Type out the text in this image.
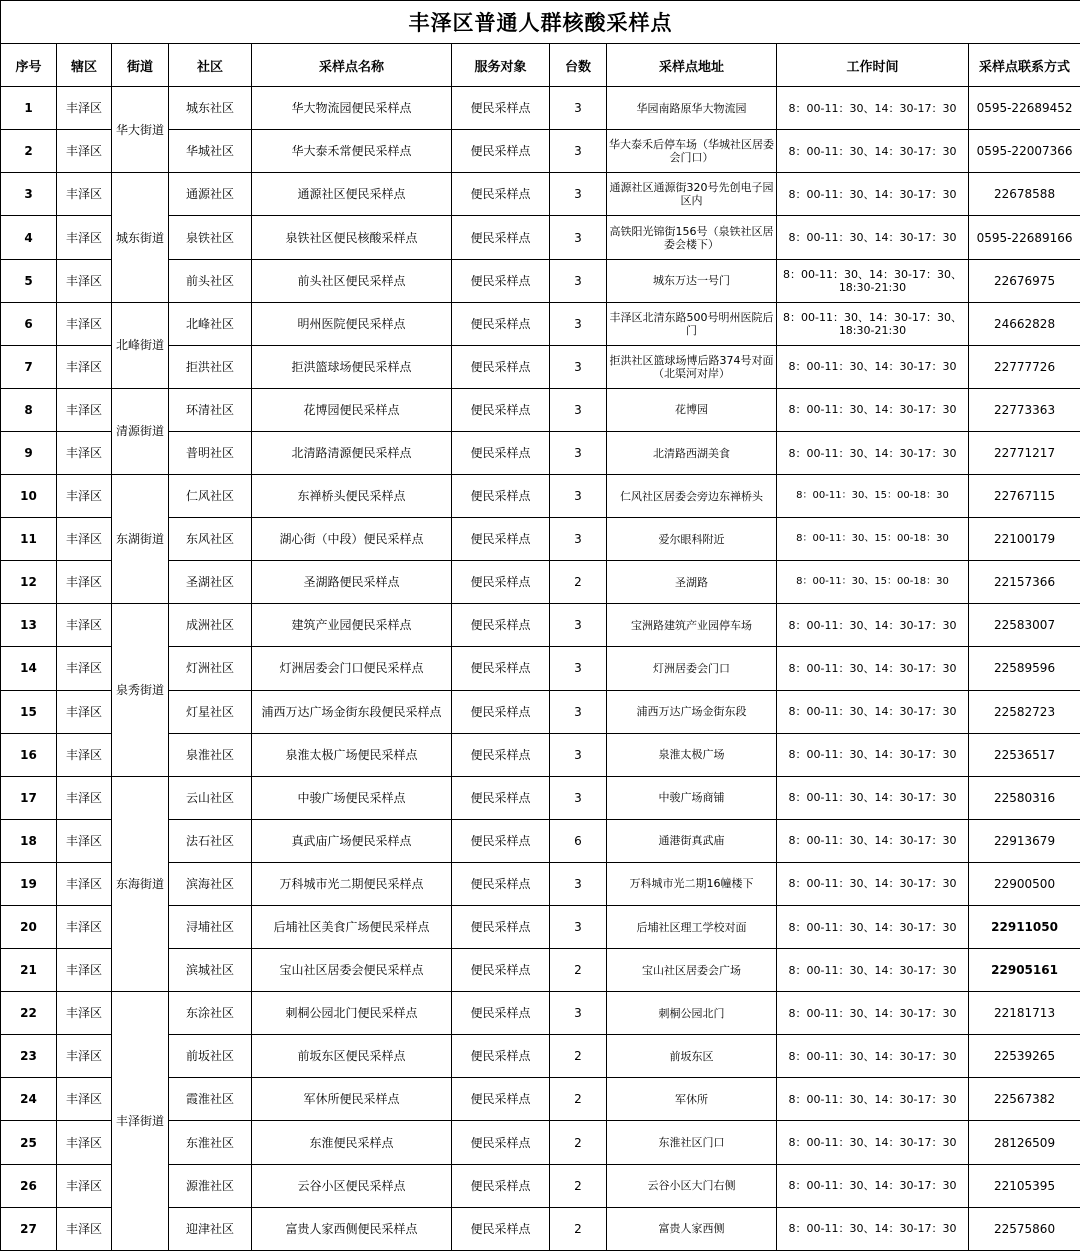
丰泽区普通人群核酸采样点									
序号	辖区	街道	社区	采样点名称	服务对象	台数	采样点地址	工作时间	采样点联系方式
1	丰泽区	华大街道	城东社区	华大物流园便民采样点	便民采样点	3	华园南路原华大物流园	8：00-11：30、14：30-17：30	0595-22689452
2	丰泽区		华城社区	华大泰禾常便民采样点	便民采样点	3	华大泰禾后停车场（华城社区居委会门口）	8：00-11：30、14：30-17：30	0595-22007366
3	丰泽区	城东街道	通源社区	通源社区便民采样点	便民采样点	3	通源社区通源街320号先创电子园区内	8：00-11：30、14：30-17：30	22678588
4	丰泽区		泉铁社区	泉铁社区便民核酸采样点	便民采样点	3	高铁阳光锦街156号（泉铁社区居委会楼下）	8：00-11：30、14：30-17：30	0595-22689166
5	丰泽区		前头社区	前头社区便民采样点	便民采样点	3	城东万达一号门	8：00-11：30、14：30-17：30、18:30-21:30	22676975
6	丰泽区	北峰街道	北峰社区	明州医院便民采样点	便民采样点	3	丰泽区北清东路500号明州医院后门	8：00-11：30、14：30-17：30、18:30-21:30	24662828
7	丰泽区		拒洪社区	拒洪篮球场便民采样点	便民采样点	3	拒洪社区篮球场博后路374号对面（北渠河对岸）	8：00-11：30、14：30-17：30	22777726
8	丰泽区	清源街道	环清社区	花博园便民采样点	便民采样点	3	花博园	8：00-11：30、14：30-17：30	22773363
9	丰泽区		普明社区	北清路清源便民采样点	便民采样点	3	北清路西湖美食	8：00-11：30、14：30-17：30	22771217
10	丰泽区	东湖街道	仁风社区	东禅桥头便民采样点	便民采样点	3	仁风社区居委会旁边东禅桥头	8：00-11：30、15：00-18：30	22767115
11	丰泽区		东风社区	湖心街（中段）便民采样点	便民采样点	3	爱尔眼科附近	8：00-11：30、15：00-18：30	22100179
12	丰泽区		圣湖社区	圣湖路便民采样点	便民采样点	2	圣湖路	8：00-11：30、15：00-18：30	22157366
13	丰泽区	泉秀街道	成洲社区	建筑产业园便民采样点	便民采样点	3	宝洲路建筑产业园停车场	8：00-11：30、14：30-17：30	22583007
14	丰泽区		灯洲社区	灯洲居委会门口便民采样点	便民采样点	3	灯洲居委会门口	8：00-11：30、14：30-17：30	22589596
15	丰泽区		灯星社区	浦西万达广场金街东段便民采样点	便民采样点	3	浦西万达广场金街东段	8：00-11：30、14：30-17：30	22582723
16	丰泽区		泉淮社区	泉淮太极广场便民采样点	便民采样点	3	泉淮太极广场	8：00-11：30、14：30-17：30	22536517
17	丰泽区	东海街道	云山社区	中骏广场便民采样点	便民采样点	3	中骏广场商铺	8：00-11：30、14：30-17：30	22580316
18	丰泽区		法石社区	真武庙广场便民采样点	便民采样点	6	通港街真武庙	8：00-11：30、14：30-17：30	22913679
19	丰泽区		滨海社区	万科城市光二期便民采样点	便民采样点	3	万科城市光二期16幢楼下	8：00-11：30、14：30-17：30	22900500
20	丰泽区		浔埔社区	后埔社区美食广场便民采样点	便民采样点	3	后埔社区理工学校对面	8：00-11：30、14：30-17：30	22911050
21	丰泽区		滨城社区	宝山社区居委会便民采样点	便民采样点	2	宝山社区居委会广场	8：00-11：30、14：30-17：30	22905161
22	丰泽区	丰泽街道	东涂社区	刺桐公园北门便民采样点	便民采样点	3	刺桐公园北门	8：00-11：30、14：30-17：30	22181713
23	丰泽区		前坂社区	前坂东区便民采样点	便民采样点	2	前坂东区	8：00-11：30、14：30-17：30	22539265
24	丰泽区		霞淮社区	军休所便民采样点	便民采样点	2	军休所	8：00-11：30、14：30-17：30	22567382
25	丰泽区		东淮社区	东淮便民采样点	便民采样点	2	东淮社区门口	8：00-11：30、14：30-17：30	28126509
26	丰泽区		源淮社区	云谷小区便民采样点	便民采样点	2	云谷小区大门右侧	8：00-11：30、14：30-17：30	22105395
27	丰泽区		迎津社区	富贵人家西侧便民采样点	便民采样点	2	富贵人家西侧	8：00-11：30、14：30-17：30	22575860
